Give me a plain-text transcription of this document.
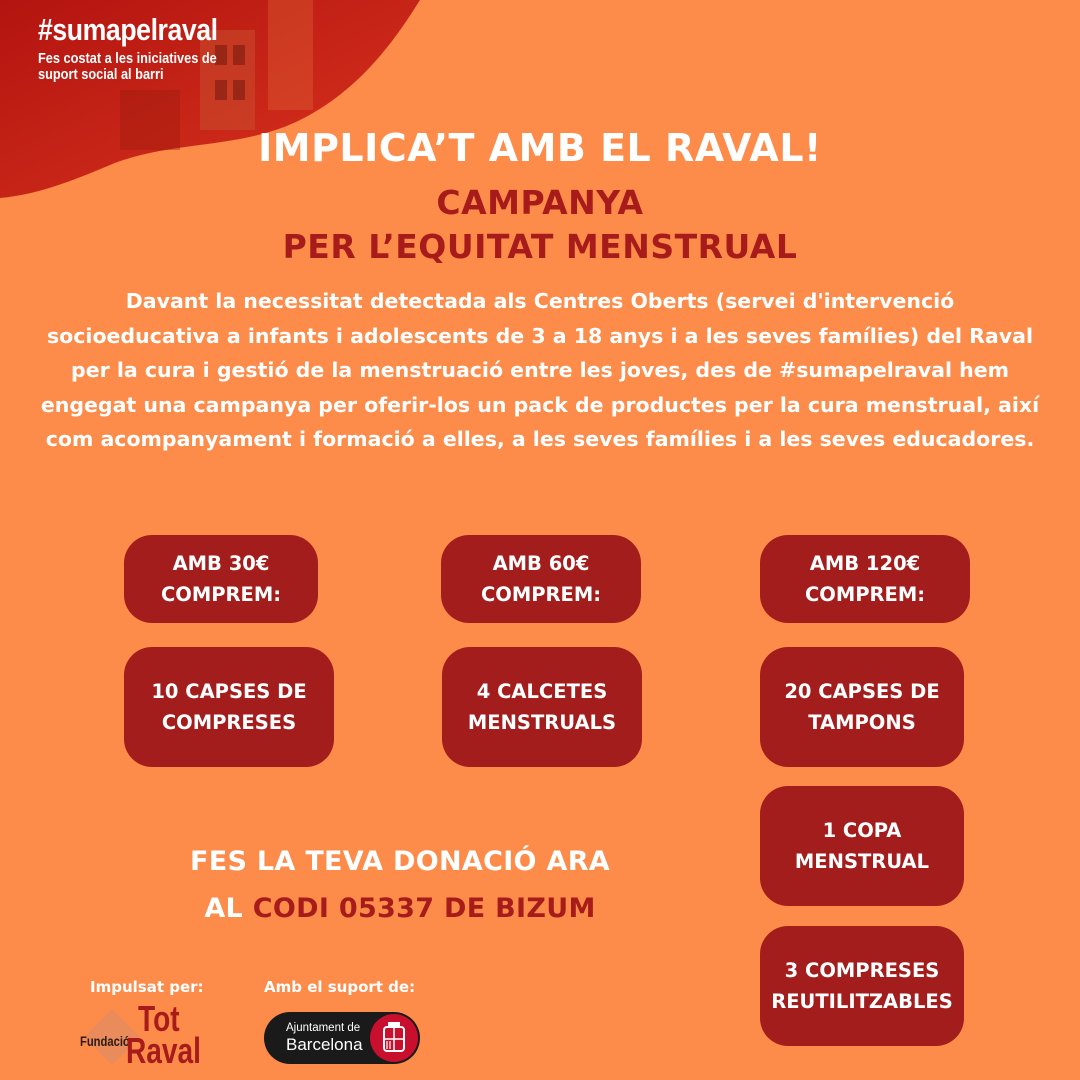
#sumapelraval
Fes costat a les iniciatives de suport social al barri
IMPLICA’T AMB EL RAVAL!
CAMPANYA
PER L’EQUITAT MENSTRUAL
Davant la necessitat detectada als Centres Oberts (servei d'intervenció socioeducativa a infants i adolescents de 3 a 18 anys i a les seves famílies) del Raval per la cura i gestió de la menstruació entre les joves, des de #sumapelraval hem engegat una campanya per oferir-los un pack de productes per la cura menstrual, així com acompanyament i formació a elles, a les seves famílies i a les seves educadores.
AMB 30€
COMPREM:
AMB 60€
COMPREM:
AMB 120€
COMPREM:
10 CAPSES DE
COMPRESES
4 CALCETES
MENSTRUALS
20 CAPSES DE
TAMPONS
1 COPA
MENSTRUAL
3 COMPRESES
REUTILITZABLES
FES LA TEVA DONACIÓ ARA
AL CODI 05337 DE BIZUM
Impulsat per:	Amb el suport de:
Fundació
Tot
Raval
Ajuntament de
Barcelona
